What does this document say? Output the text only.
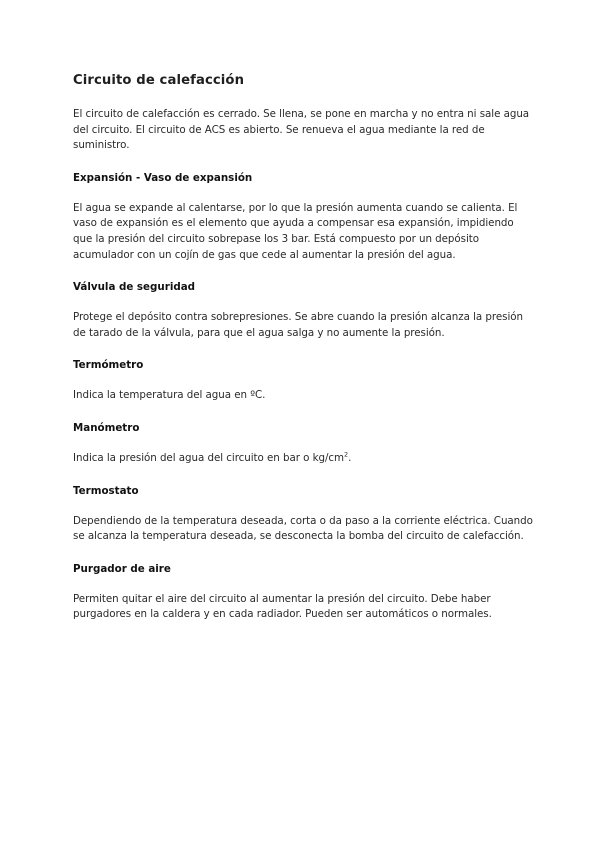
Circuito de calefacción

El circuito de calefacción es cerrado. Se llena, se pone en marcha y no entra ni sale agua del circuito. El circuito de ACS es abierto. Se renueva el agua mediante la red de suministro.

Expansión - Vaso de expansión

El agua se expande al calentarse, por lo que la presión aumenta cuando se calienta. El vaso de expansión es el elemento que ayuda a compensar esa expansión, impidiendo que la presión del circuito sobrepase los 3 bar. Está compuesto por un depósito acumulador con un cojín de gas que cede al aumentar la presión del agua.

Válvula de seguridad

Protege el depósito contra sobrepresiones. Se abre cuando la presión alcanza la presión de tarado de la válvula, para que el agua salga y no aumente la presión.

Termómetro

Indica la temperatura del agua en ºC.

Manómetro

Indica la presión del agua del circuito en bar o $kg/cm^2$.

Termostato

Dependiendo de la temperatura deseada, corta o da paso a la corriente eléctrica. Cuando se alcanza la temperatura deseada, se desconecta la bomba del circuito de calefacción.

Purgador de aire

Permiten quitar el aire del circuito al aumentar la presión del circuito. Debe haber purgadores en la caldera y en cada radiador. Pueden ser automáticos o normales.
